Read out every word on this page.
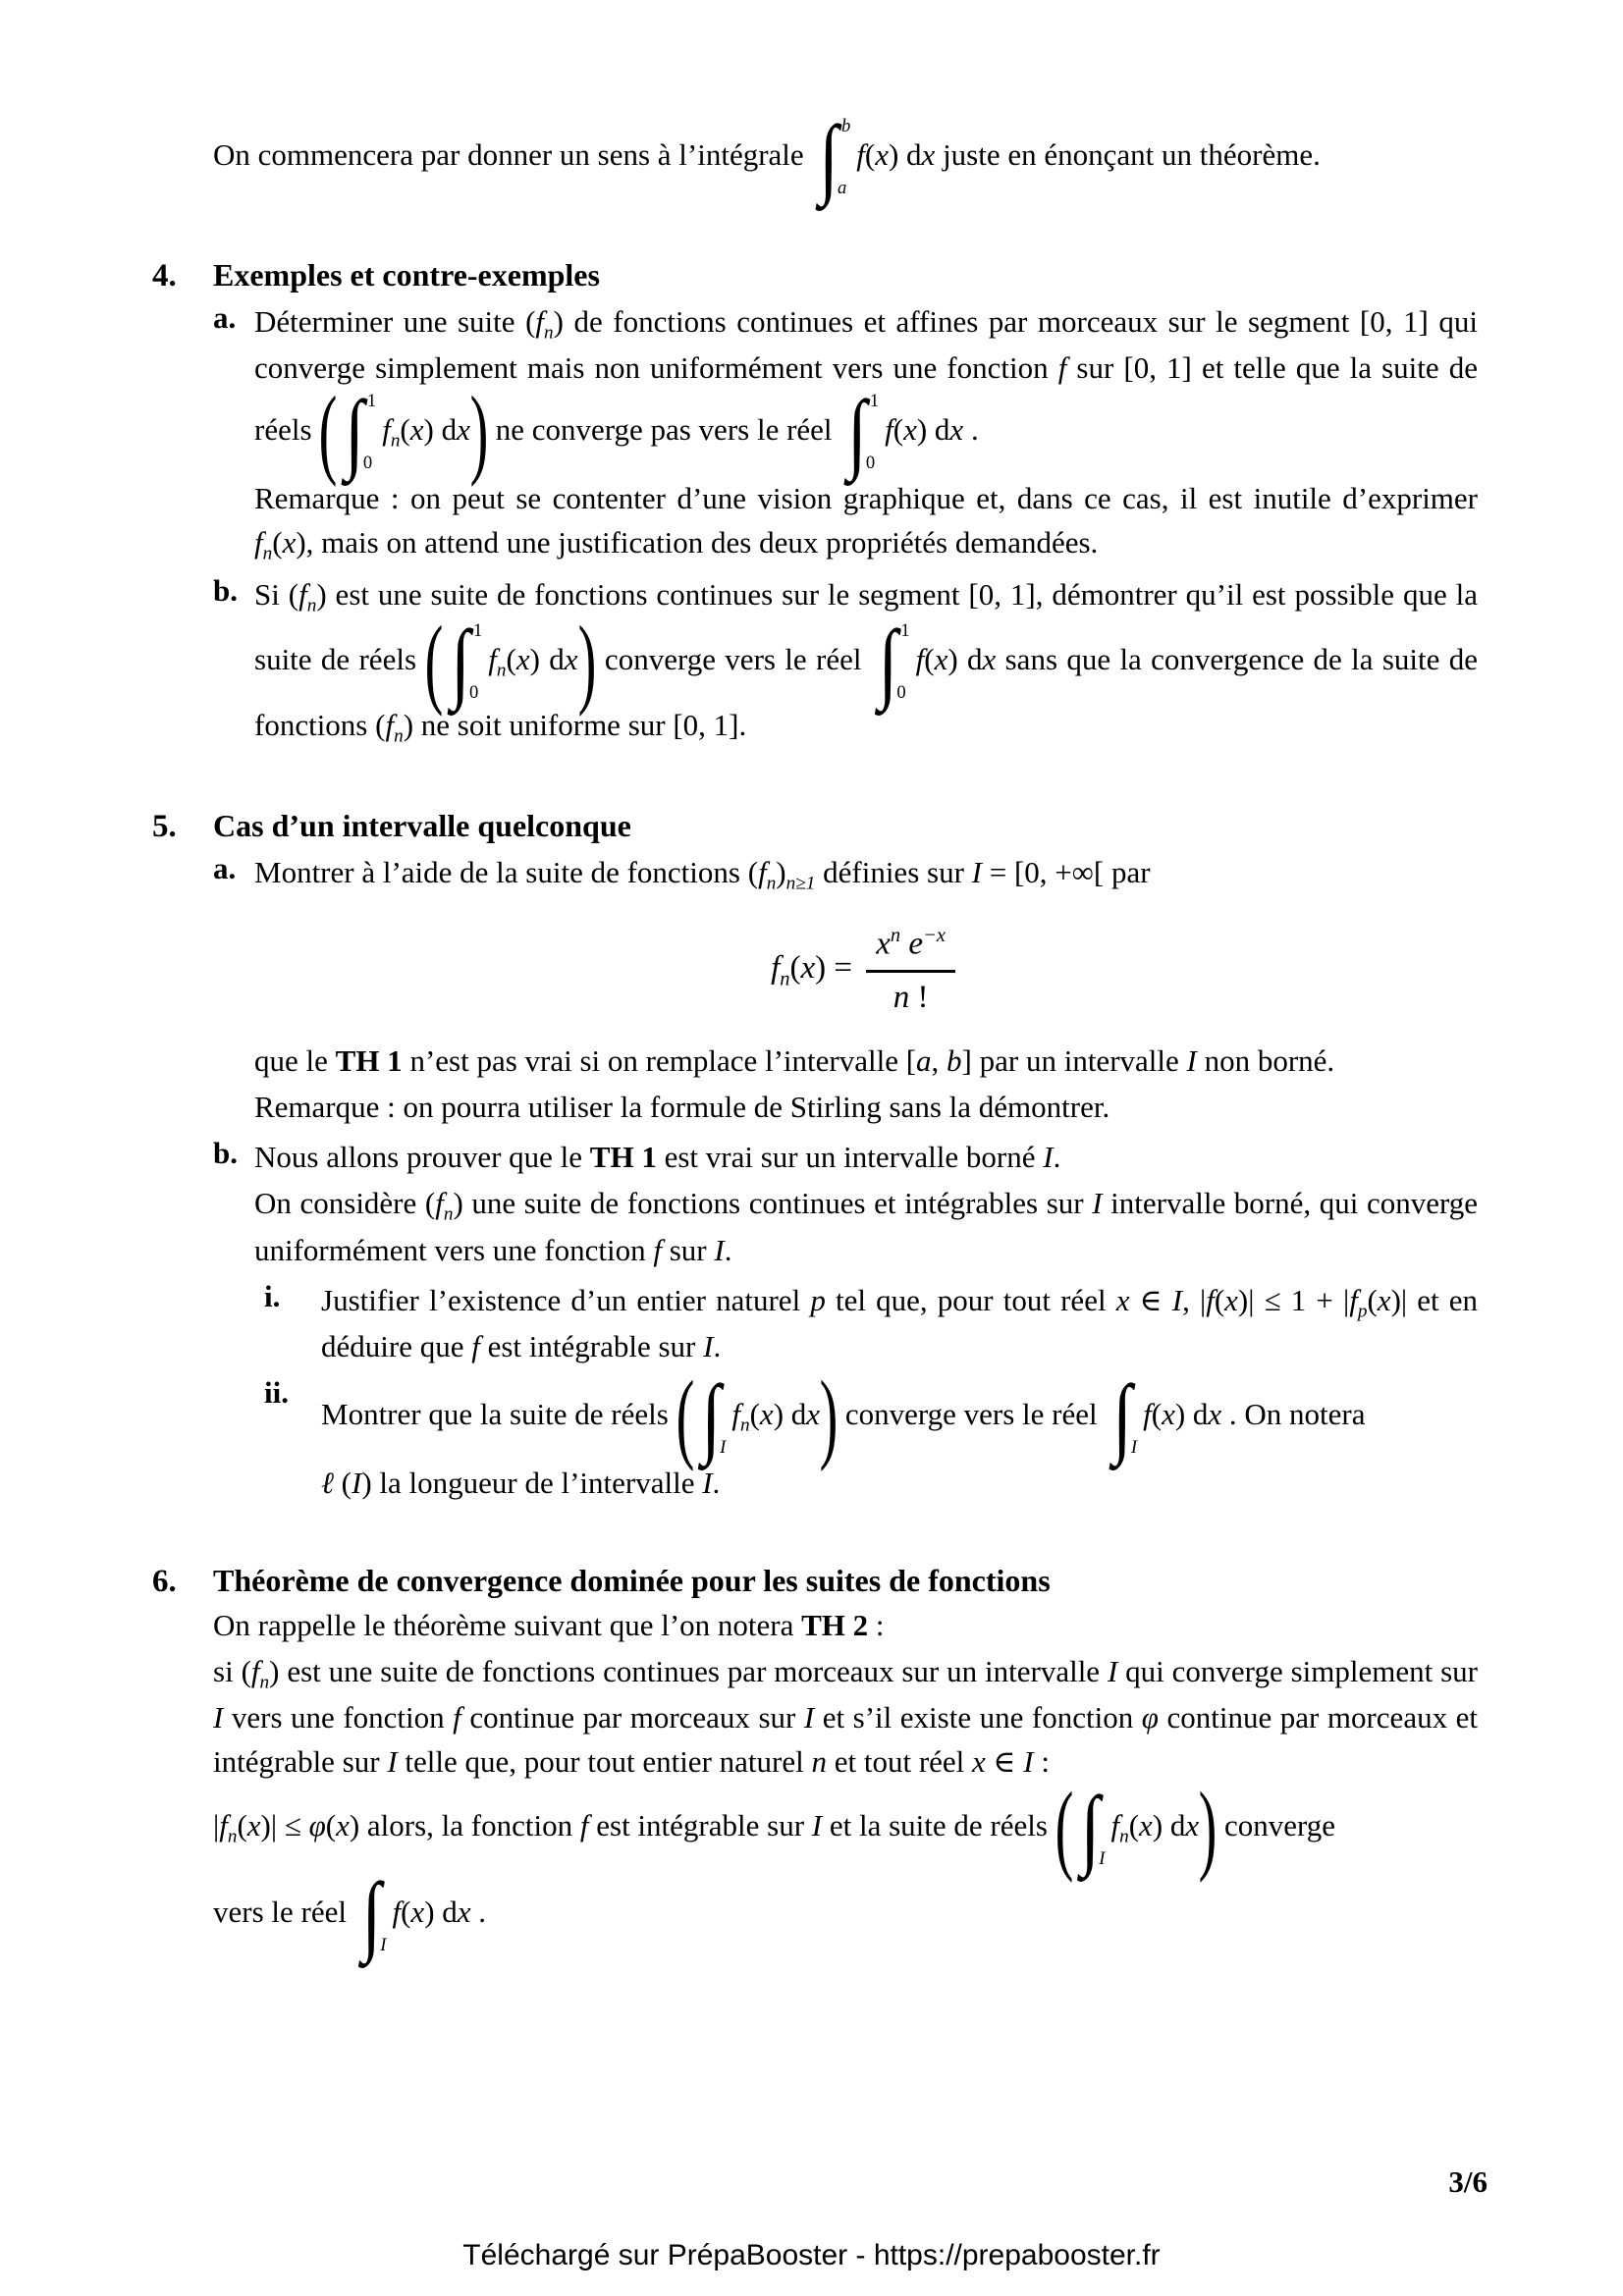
On commencera par donner un sens à l’intégrale ∫ b
a
f(x) dx juste en énonçant un théorème.
4.	Exemples et contre-exemples
a. Déterminer une suite $(f_n)$ de fonctions continues et affines par morceaux sur le segment [0, 1] qui converge simplement mais non uniformément vers une fonction f sur [0, 1] et telle que la suite de réels ( ∫ 1
0
$f_n(x)$ dx) ne converge pas vers le réel ∫ 1
0
f(x) dx .
Remarque : on peut se contenter d’une vision graphique et, dans ce cas, il est inutile d’exprimer $f_n(x)$, mais on attend une justification des deux propriétés demandées.
b. Si $(f_n)$ est une suite de fonctions continues sur le segment [0, 1], démontrer qu’il est possible que la suite de réels ( ∫ 1
0
$f_n(x)$ dx) converge vers le réel ∫ 1
0
f(x) dx sans que la convergence de la suite de fonctions $(f_n)$ ne soit uniforme sur [0, 1].
5.	Cas d’un intervalle quelconque
a. Montrer à l’aide de la suite de fonctions $(f_n)_{n\ge 1}$ définies sur I = [0, +∞[ par
$f_n(x) = \frac{x^n e^{-x}}{n !}$
que le TH 1 n’est pas vrai si on remplace l’intervalle [a, b] par un intervalle I non borné.
Remarque : on pourra utiliser la formule de Stirling sans la démontrer.
b. Nous allons prouver que le TH 1 est vrai sur un intervalle borné I.
On considère $(f_n)$ une suite de fonctions continues et intégrables sur I intervalle borné, qui converge uniformément vers une fonction f sur I.
i.	Justifier l’existence d’un entier naturel p tel que, pour tout réel x ∈ I, $|f(x)| \le 1 + |f_p(x)|$ et en déduire que f est intégrable sur I.
ii.
Montrer que la suite de réels ( ∫ I
$f_n(x)$ dx) converge vers le réel ∫ I
f(x) dx . On notera
ℓ (I) la longueur de l’intervalle I.
6.	Théorème de convergence dominée pour les suites de fonctions
On rappelle le théorème suivant que l’on notera TH 2 :
si $(f_n)$ est une suite de fonctions continues par morceaux sur un intervalle I qui converge simplement sur I vers une fonction f continue par morceaux sur I et s’il existe une fonction φ continue par morceaux et intégrable sur I telle que, pour tout entier naturel n et tout réel x ∈ I :
$|f_n(x)| \le \varphi(x)$ alors, la fonction f est intégrable sur I et la suite de réels ( ∫ I
$f_n(x)$ dx) converge
vers le réel ∫ I
f(x) dx .
3/6
Téléchargé sur PrépaBooster - https://prepabooster.fr
